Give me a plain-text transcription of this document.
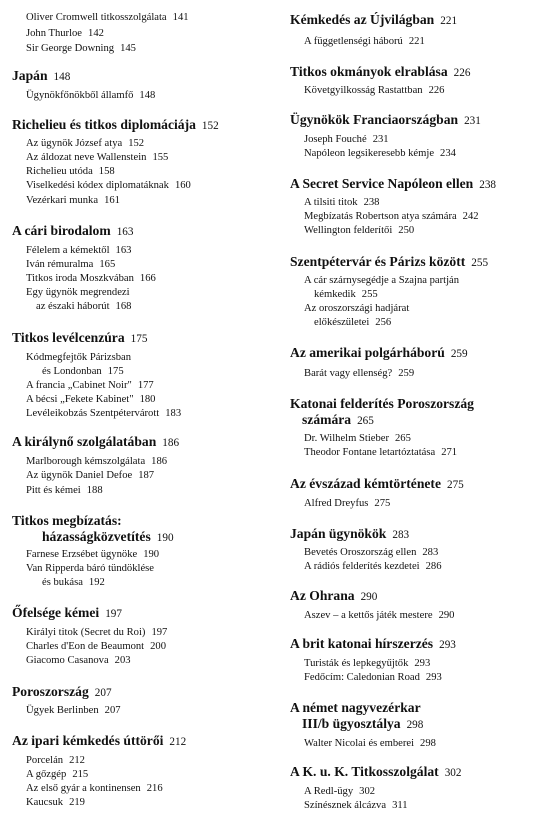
Oliver Cromwell titkosszolgálata 141
John Thurloe 142
Sir George Downing 145
Japán 148
Ügynökfőnökből államfő 148
Richelieu és titkos diplomáciája 152
Az ügynök József atya 152
Az áldozat neve Wallenstein 155
Richelieu utóda 158
Viselkedési kódex diplomatáknak 160
Vezérkari munka 161
A cári birodalom 163
Félelem a kémektől 163
Iván rémuralma 165
Titkos iroda Moszkvában 166
Egy ügynök megrendezi
az északi háborút 168
Titkos levélcenzúra 175
Kódmegfejtők Párizsban
és Londonban 175
A francia „Cabinet Noir" 177
A bécsi „Fekete Kabinet" 180
Levéleikobzás Szentpétervárott 183
A királynő szolgálatában 186
Marlborough kémszolgálata 186
Az ügynök Daniel Defoe 187
Pitt és kémei 188
Titkos megbízatás:
házasságközvetítés 190
Farnese Erzsébet ügynöke 190
Van Ripperda báró tündöklése
és bukása 192
Őfelsége kémei 197
Királyi titok (Secret du Roi) 197
Charles d'Eon de Beaumont 200
Giacomo Casanova 203
Poroszország 207
Ügyek Berlinben 207
Az ipari kémkedés úttörői 212
Porcelán 212
A gőzgép 215
Az első gyár a kontinensen 216
Kaucsuk 219
Kémkedés az Újvilágban 221
A függetlenségi háború 221
Titkos okmányok elrablása 226
Követgyilkosság Rastattban 226
Ügynökök Franciaországban 231
Joseph Fouché 231
Napóleon legsikeresebb kémje 234
A Secret Service Napóleon ellen 238
A tilsiti titok 238
Megbízatás Robertson atya számára 242
Wellington felderítői 250
Szentpétervár és Párizs között 255
A cár szárnysegédje a Szajna partján
kémkedik 255
Az oroszországi hadjárat
előkészületei 256
Az amerikai polgárháború 259
Barát vagy ellenség? 259
Katonai felderítés Poroszország
számára 265
Dr. Wilhelm Stieber 265
Theodor Fontane letartóztatása 271
Az évszázad kémtörténete 275
Alfred Dreyfus 275
Japán ügynökök 283
Bevetés Oroszország ellen 283
A rádiós felderítés kezdetei 286
Az Ohrana 290
Aszev – a kettős játék mestere 290
A brit katonai hírszerzés 293
Turisták és lepkegyűjtők 293
Fedőcím: Caledonian Road 293
A német nagyvezérkar
III/b ügyosztálya 298
Walter Nicolai és emberei 298
A K. u. K. Titkosszolgálat 302
A Redl-ügy 302
Színésznek álcázva 311
